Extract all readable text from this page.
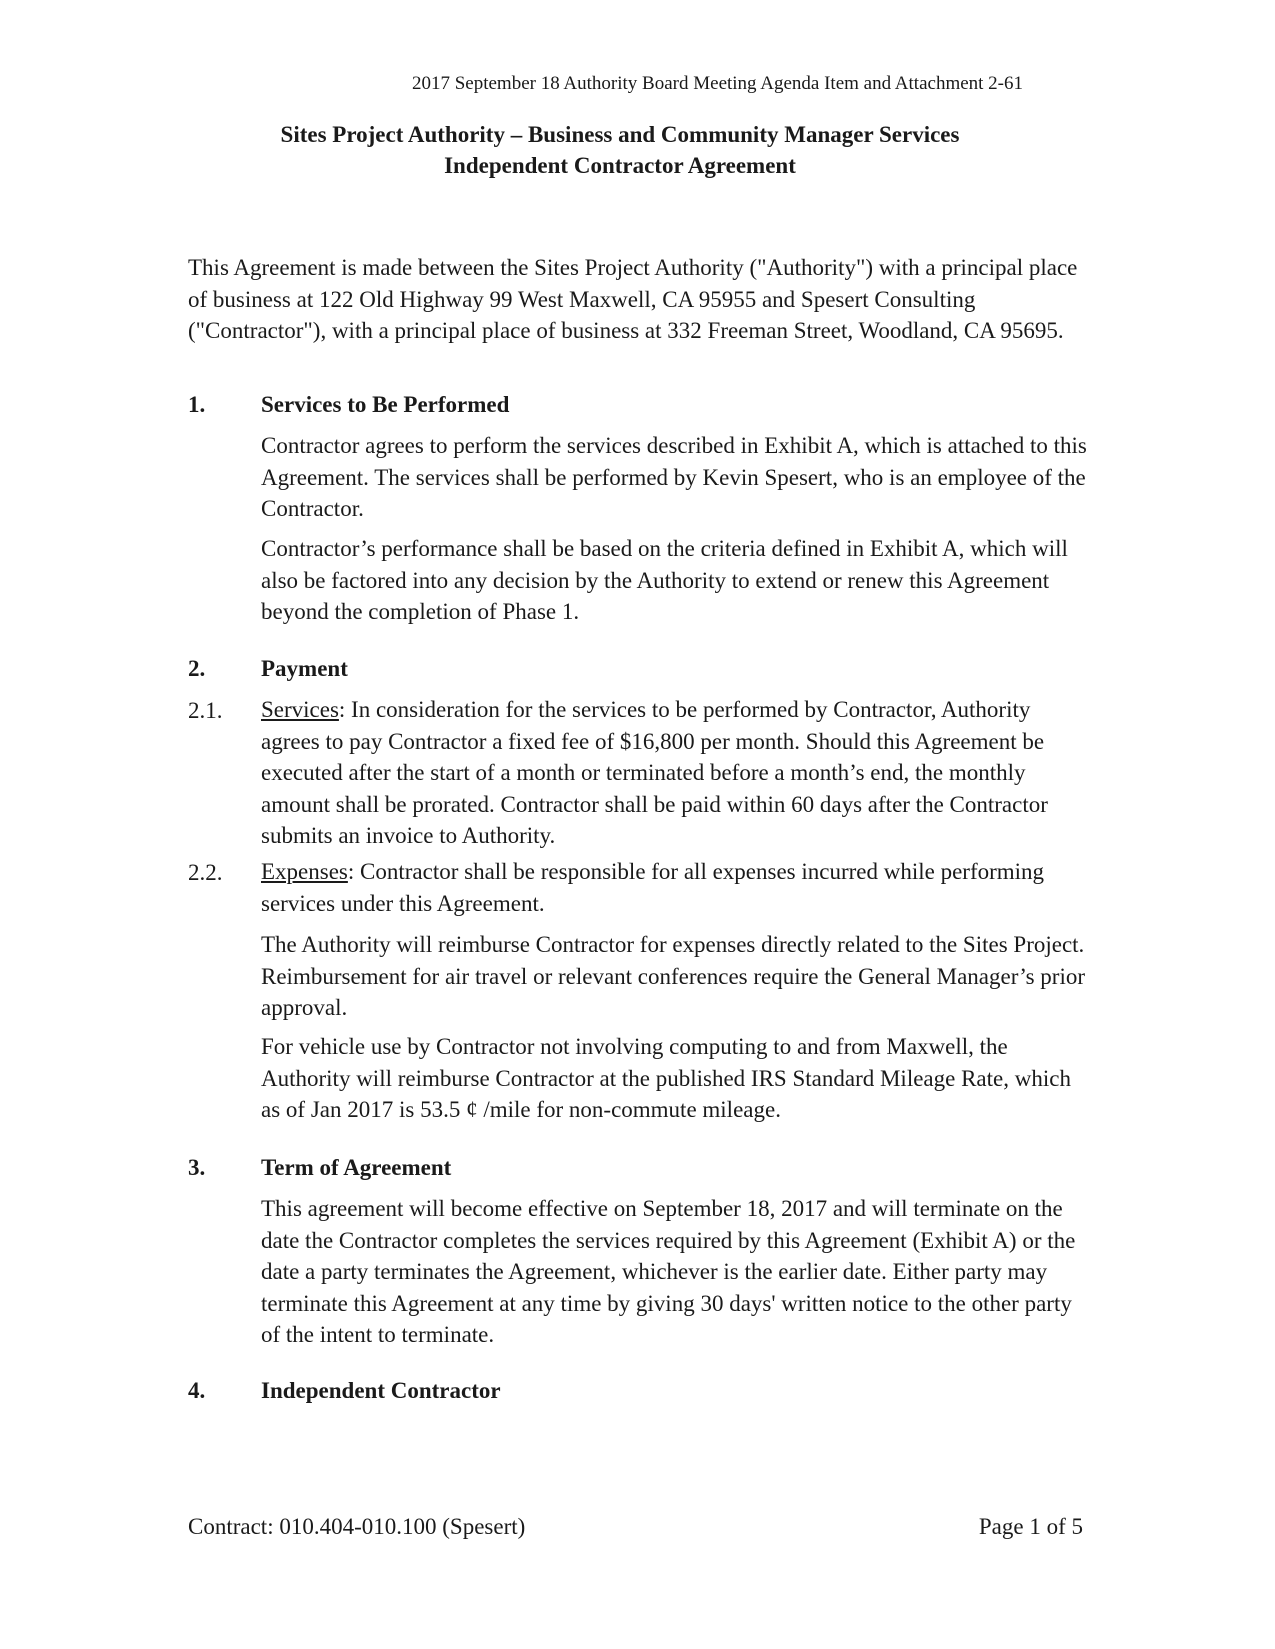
2017 September 18 Authority Board Meeting Agenda Item and Attachment 2-61
Sites Project Authority – Business and Community Manager Services
Independent Contractor Agreement

This Agreement is made between the Sites Project Authority ("Authority") with a principal place of business at 122 Old Highway 99 West Maxwell, CA 95955 and Spesert Consulting ("Contractor"), with a principal place of business at 332 Freeman Street, Woodland, CA 95695.

1. Services to Be Performed

Contractor agrees to perform the services described in Exhibit A, which is attached to this Agreement. The services shall be performed by Kevin Spesert, who is an employee of the Contractor.

Contractor’s performance shall be based on the criteria defined in Exhibit A, which will also be factored into any decision by the Authority to extend or renew this Agreement beyond the completion of Phase 1.

2. Payment
2.1. Services: In consideration for the services to be performed by Contractor, Authority agrees to pay Contractor a fixed fee of $16,800 per month. Should this Agreement be executed after the start of a month or terminated before a month’s end, the monthly amount shall be prorated. Contractor shall be paid within 60 days after the Contractor submits an invoice to Authority.

2.2. Expenses: Contractor shall be responsible for all expenses incurred while performing services under this Agreement.

The Authority will reimburse Contractor for expenses directly related to the Sites Project. Reimbursement for air travel or relevant conferences require the General Manager’s prior approval.

For vehicle use by Contractor not involving computing to and from Maxwell, the Authority will reimburse Contractor at the published IRS Standard Mileage Rate, which as of Jan 2017 is 53.5 ¢ /mile for non-commute mileage.

3. Term of Agreement

This agreement will become effective on September 18, 2017 and will terminate on the date the Contractor completes the services required by this Agreement (Exhibit A) or the date a party terminates the Agreement, whichever is the earlier date. Either party may terminate this Agreement at any time by giving 30 days' written notice to the other party of the intent to terminate.

4. Independent Contractor
Contract: 010.404-010.100 (Spesert)	Page 1 of 5
